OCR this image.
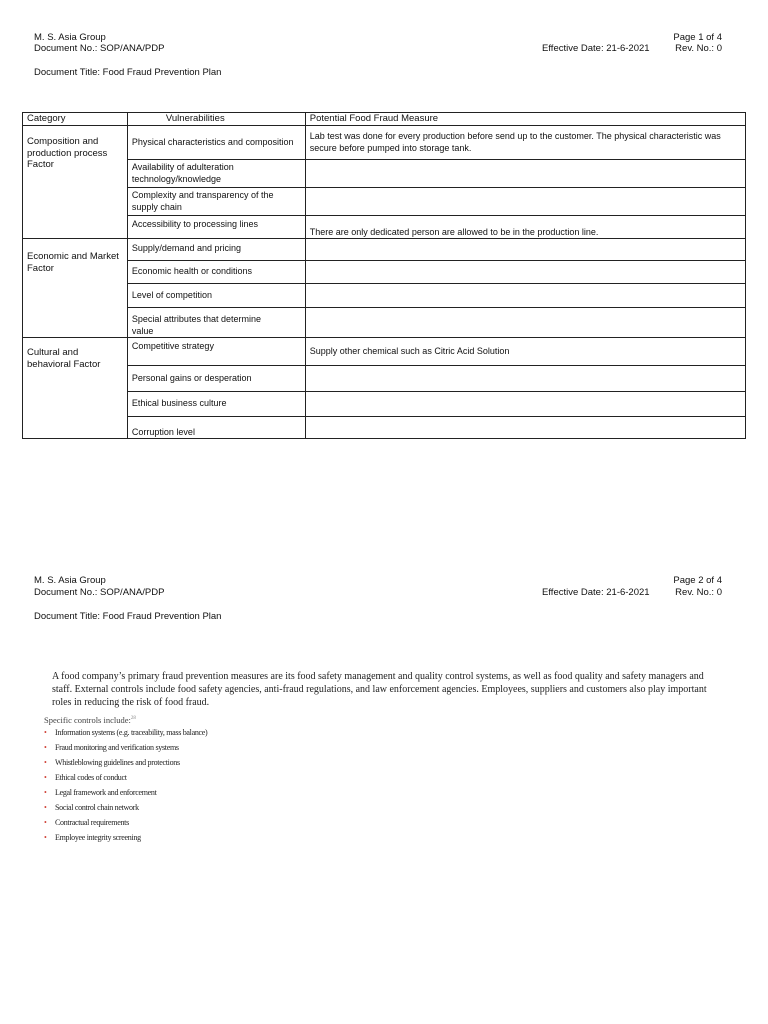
M. S. Asia Group
Document No.: SOP/ANA/PDP
Page 1 of 4
Effective Date: 21-6-2021	Rev. No.: 0
Document Title: Food Fraud Prevention Plan
Category	Vulnerabilities	Potential Food Fraud Measure
Composition and production process Factor	Physical characteristics and composition	Lab test was done for every production before send up to the customer. The physical characteristic was secure before pumped into storage tank.
	Availability of adulteration technology/knowledge	
	Complexity and transparency of the supply chain	
	Accessibility to processing lines	There are only dedicated person are allowed to be in the production line.
Economic and Market Factor	Supply/demand and pricing	
	Economic health or conditions	
	Level of competition	
	Special attributes that determine value	
Cultural and behavioral Factor	Competitive strategy	Supply other chemical such as Citric Acid Solution
	Personal gains or desperation	
	Ethical business culture	
	Corruption level	
M. S. Asia Group
Document No.: SOP/ANA/PDP
Page 2 of 4
Effective Date: 21-6-2021	Rev. No.: 0
Document Title: Food Fraud Prevention Plan

A food company’s primary fraud prevention measures are its food safety management and quality control systems, as well as food quality and safety managers and staff. External controls include food safety agencies, anti-fraud regulations, and law enforcement agencies. Employees, suppliers and customers also play important roles in reducing the risk of food fraud.

Specific controls include:$^{28}$
• Information systems (e.g. traceability, mass balance)
• Fraud monitoring and verification systems
• Whistleblowing guidelines and protections
• Ethical codes of conduct
• Legal framework and enforcement
• Social control chain network
• Contractual requirements
• Employee integrity screening
